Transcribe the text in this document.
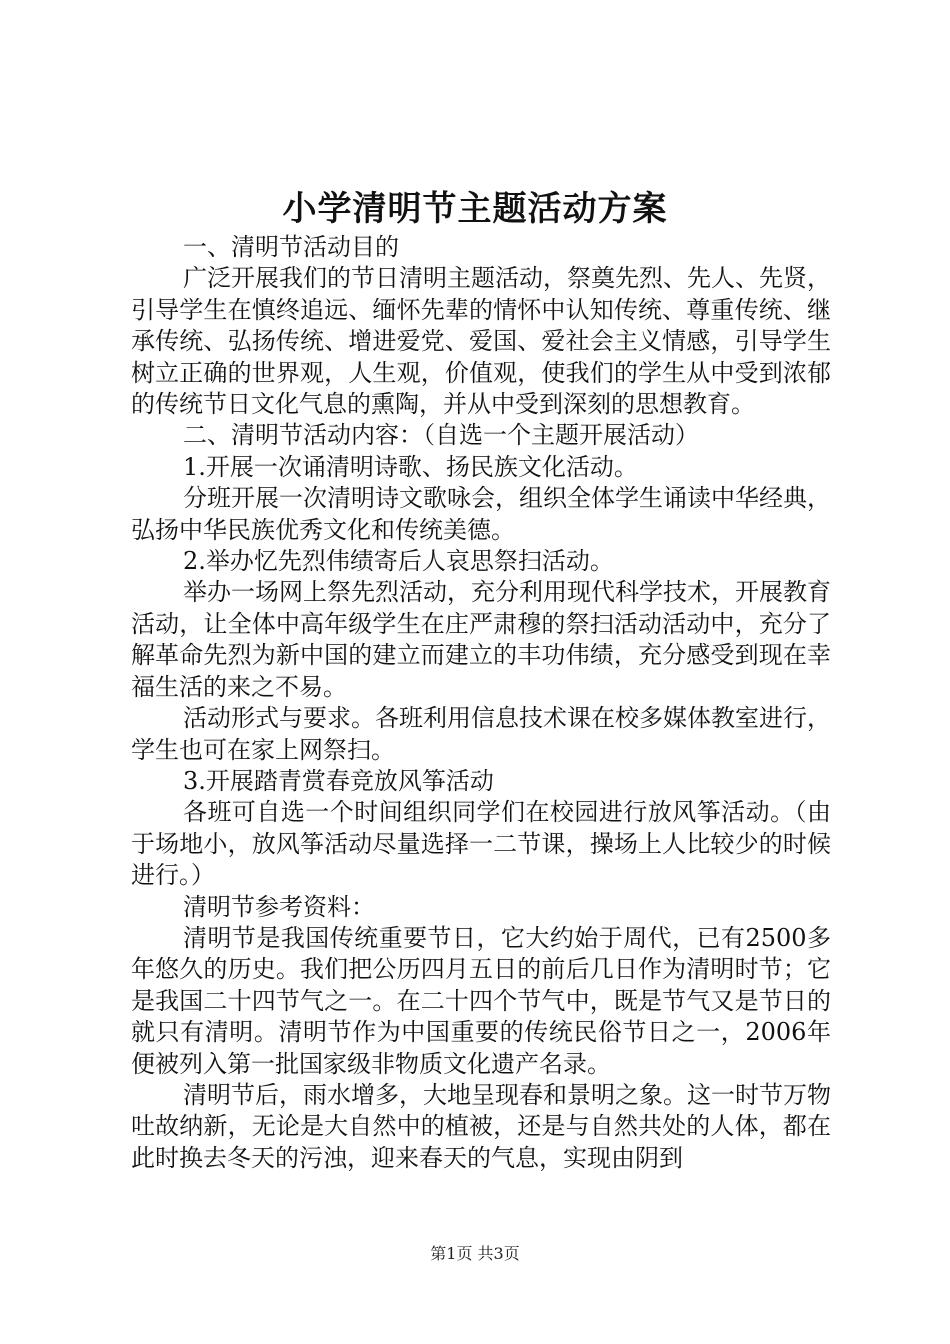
小学清明节主题活动方案

一、清明节活动目的

广泛开展我们的节日清明主题活动，祭奠先烈、先人、先贤，引导学生在慎终追远、缅怀先辈的情怀中认知传统、尊重传统、继承传统、弘扬传统、增进爱党、爱国、爱社会主义情感，引导学生树立正确的世界观，人生观，价值观，使我们的学生从中受到浓郁的传统节日文化气息的熏陶，并从中受到深刻的思想教育。

二、清明节活动内容：（自选一个主题开展活动）

1.开展一次诵清明诗歌、扬民族文化活动。

分班开展一次清明诗文歌咏会，组织全体学生诵读中华经典，弘扬中华民族优秀文化和传统美德。

2.举办忆先烈伟绩寄后人哀思祭扫活动。

举办一场网上祭先烈活动，充分利用现代科学技术，开展教育活动，让全体中高年级学生在庄严肃穆的祭扫活动活动中，充分了解革命先烈为新中国的建立而建立的丰功伟绩，充分感受到现在幸福生活的来之不易。

活动形式与要求。各班利用信息技术课在校多媒体教室进行，学生也可在家上网祭扫。

3.开展踏青赏春竞放风筝活动

各班可自选一个时间组织同学们在校园进行放风筝活动。（由于场地小，放风筝活动尽量选择一二节课，操场上人比较少的时候进行。）

清明节参考资料：

清明节是我国传统重要节日，它大约始于周代，已有2500多年悠久的历史。我们把公历四月五日的前后几日作为清明时节；它是我国二十四节气之一。在二十四个节气中，既是节气又是节日的就只有清明。清明节作为中国重要的传统民俗节日之一，2006年便被列入第一批国家级非物质文化遗产名录。

清明节后，雨水增多，大地呈现春和景明之象。这一时节万物吐故纳新，无论是大自然中的植被，还是与自然共处的人体，都在此时换去冬天的污浊，迎来春天的气息，实现由阴到

第1页 共3页
